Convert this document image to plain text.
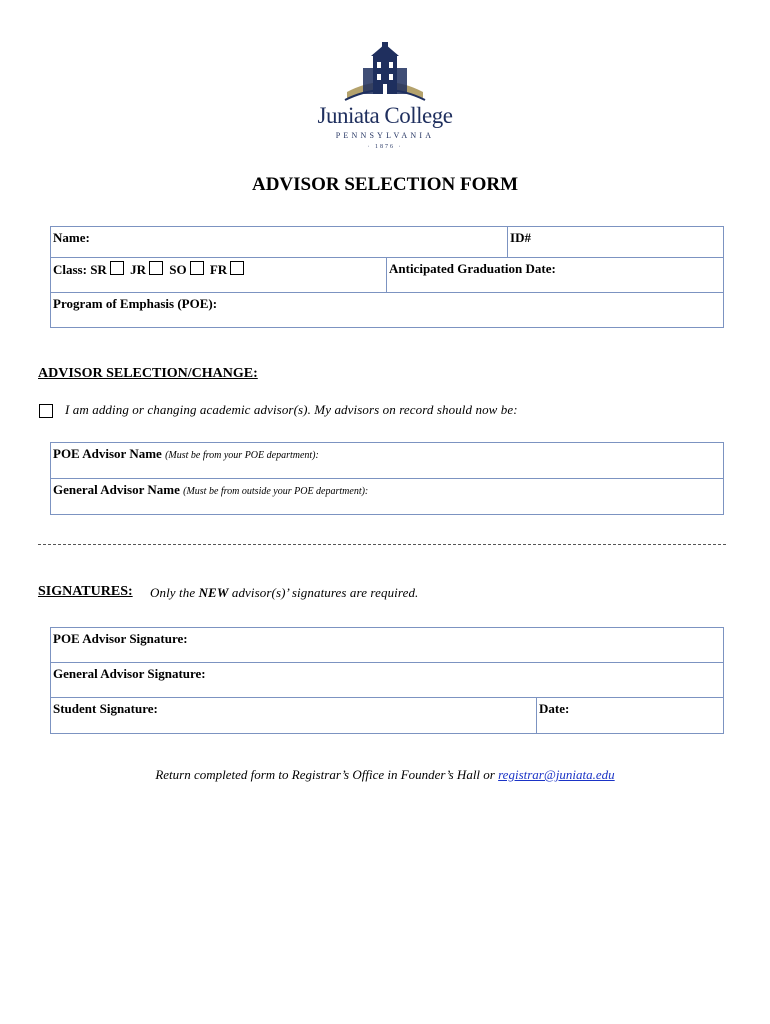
Juniata College
PENNSYLVANIA
· 1876 ·
ADVISOR SELECTION FORM
Name:		ID#
Class: SR JR SO FR	Anticipated Graduation Date:	
Program of Emphasis (POE):		
ADVISOR SELECTION/CHANGE:
I am adding or changing academic advisor(s). My advisors on record should now be:
POE Advisor Name (Must be from your POE department):
General Advisor Name (Must be from outside your POE department):
SIGNATURES: Only the NEW advisor(s)’ signatures are required.
POE Advisor Signature:
General Advisor Signature:
Student Signature:	Date:
Return completed form to Registrar’s Office in Founder’s Hall or registrar@juniata.edu
